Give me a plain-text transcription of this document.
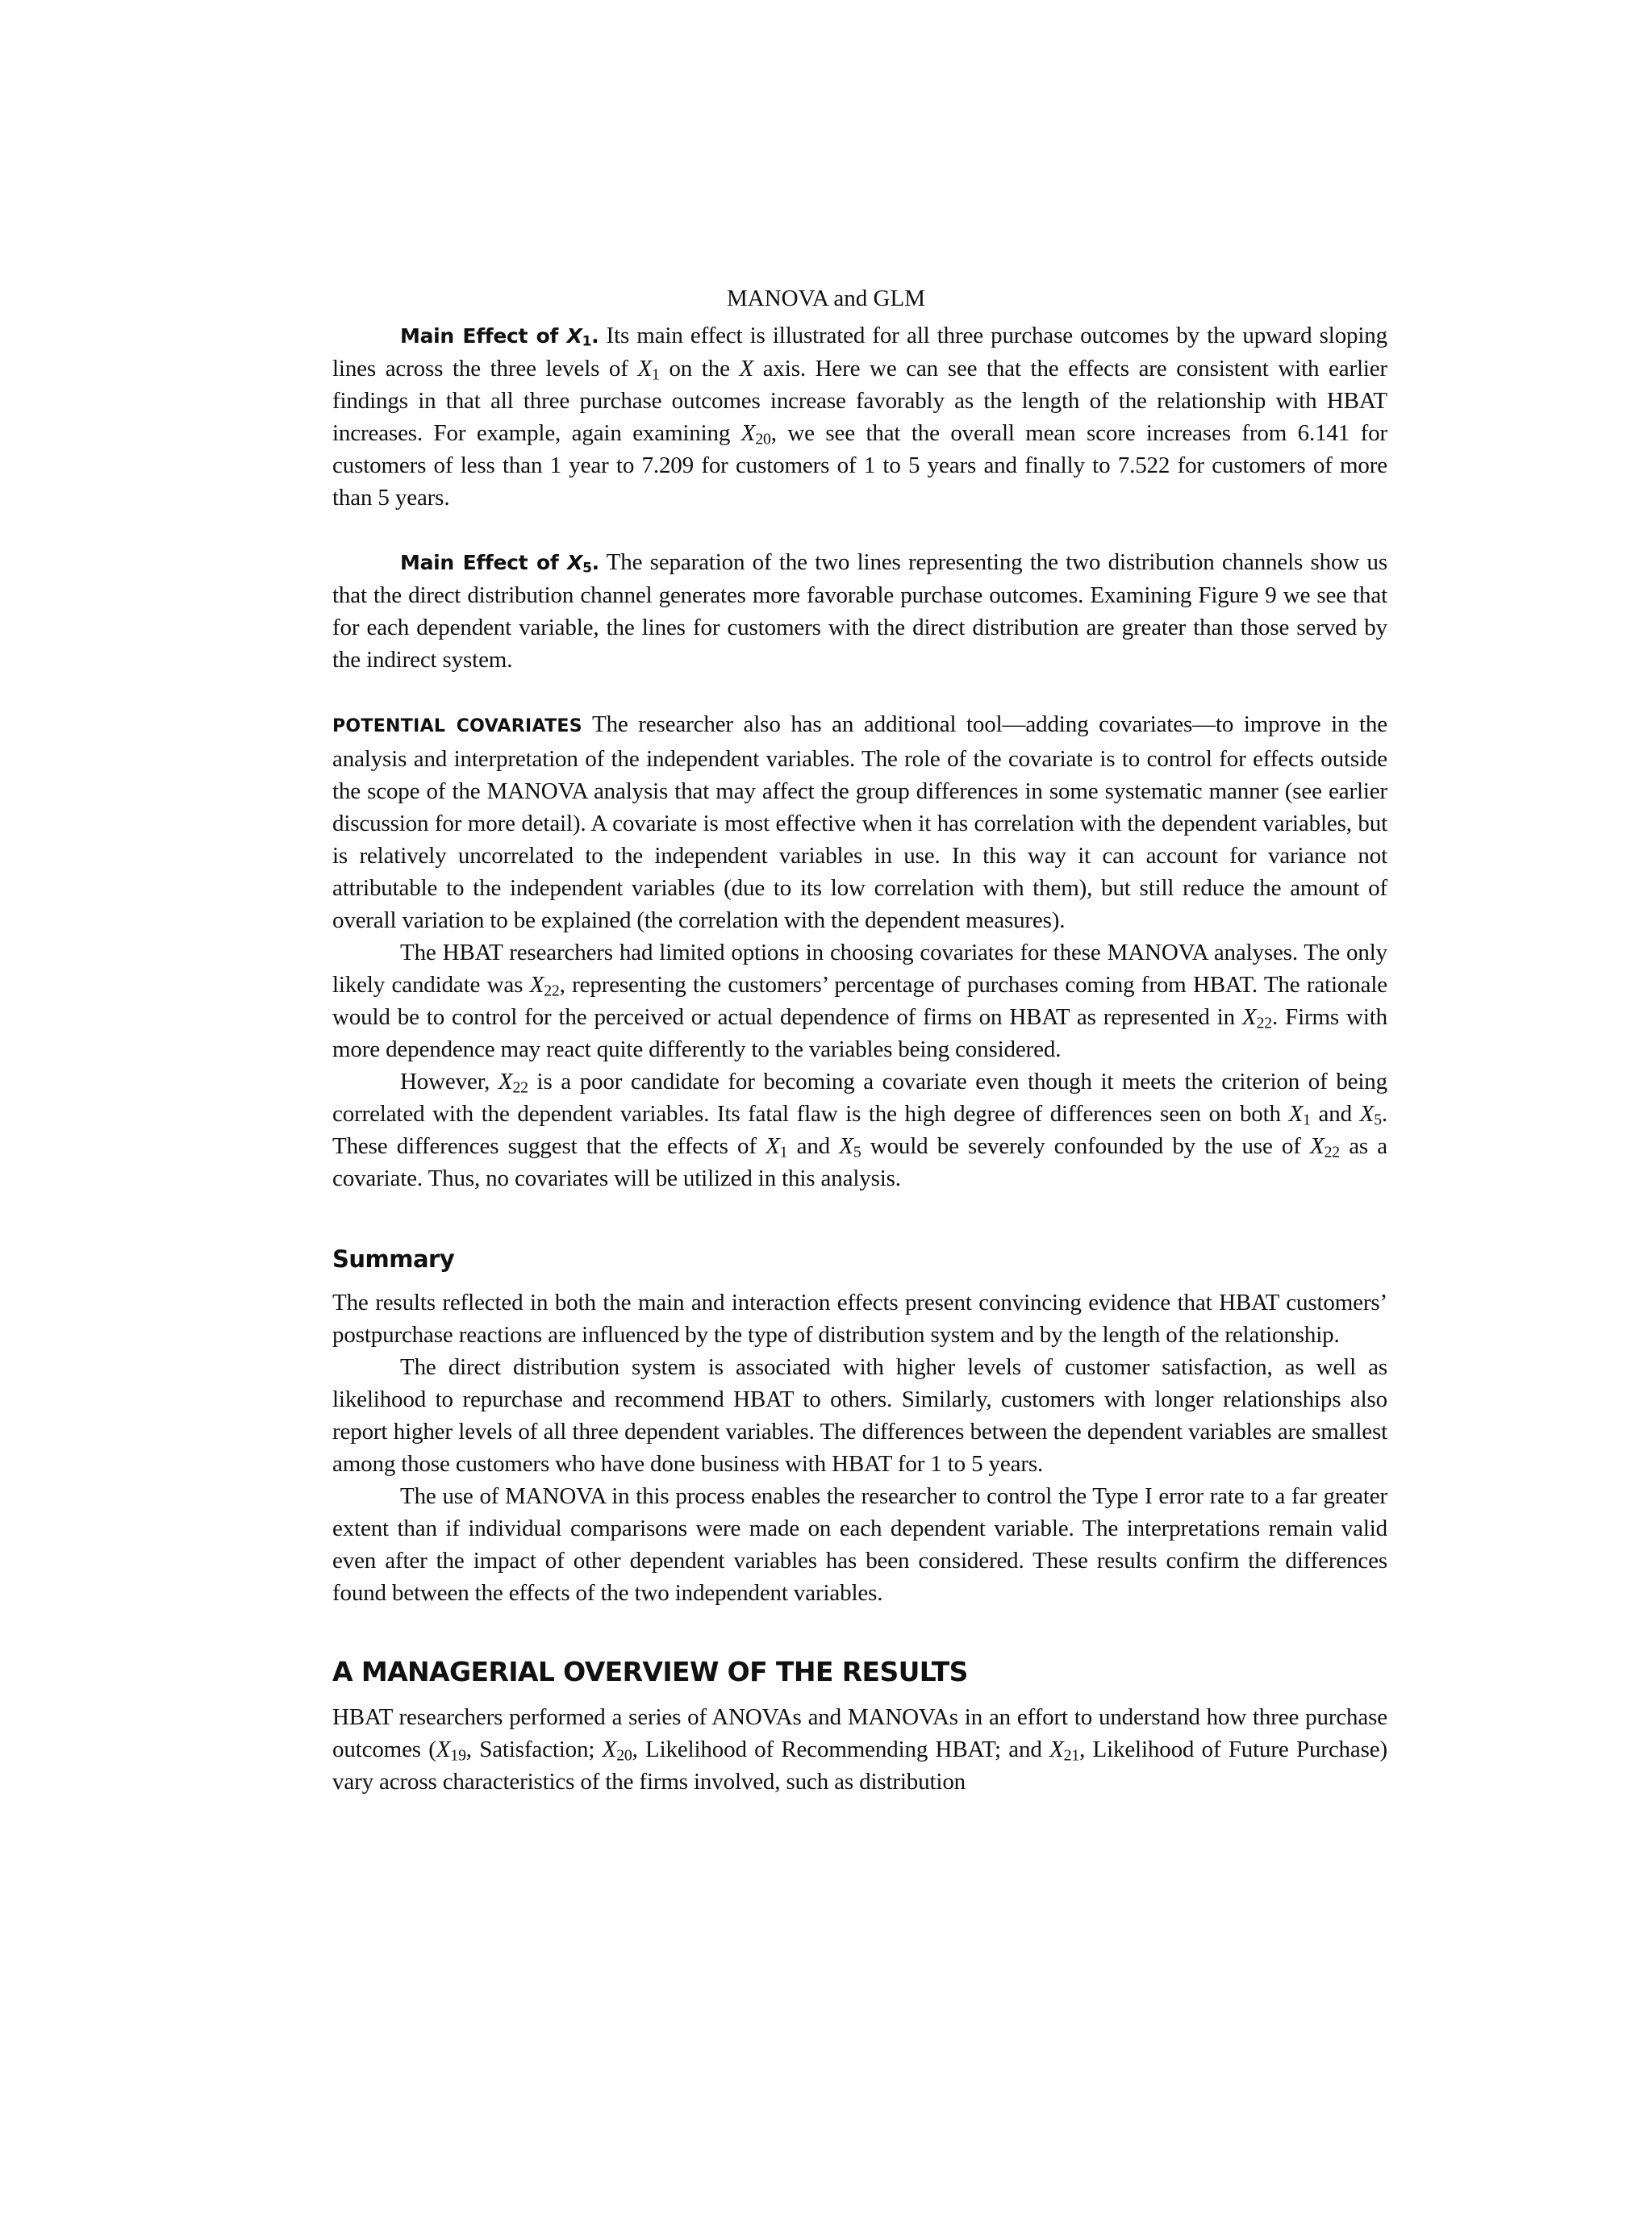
MANOVA and GLM

Main Effect of $X_1$. Its main effect is illustrated for all three purchase outcomes by the upward sloping lines across the three levels of $X_1$ on the X axis. Here we can see that the effects are consistent with earlier findings in that all three purchase outcomes increase favorably as the length of the relationship with HBAT increases. For example, again examining $X_{20}$, we see that the overall mean score increases from 6.141 for customers of less than 1 year to 7.209 for customers of 1 to 5 years and finally to 7.522 for customers of more than 5 years.

Main Effect of $X_5$. The separation of the two lines representing the two distribution channels show us that the direct distribution channel generates more favorable purchase outcomes. Examining Figure 9 we see that for each dependent variable, the lines for customers with the direct distribution are greater than those served by the indirect system.

POTENTIAL COVARIATES The researcher also has an additional tool—adding covariates—to improve in the analysis and interpretation of the independent variables. The role of the covariate is to control for effects outside the scope of the MANOVA analysis that may affect the group differences in some systematic manner (see earlier discussion for more detail). A covariate is most effective when it has correlation with the dependent variables, but is relatively uncorrelated to the independent variables in use. In this way it can account for variance not attributable to the independent variables (due to its low correlation with them), but still reduce the amount of overall variation to be explained (the correlation with the dependent measures).

The HBAT researchers had limited options in choosing covariates for these MANOVA analyses. The only likely candidate was $X_{22}$, representing the customers’ percentage of purchases coming from HBAT. The rationale would be to control for the perceived or actual dependence of firms on HBAT as represented in $X_{22}$. Firms with more dependence may react quite differently to the variables being considered.

However, $X_{22}$ is a poor candidate for becoming a covariate even though it meets the criterion of being correlated with the dependent variables. Its fatal flaw is the high degree of differences seen on both $X_1$ and $X_5$. These differences suggest that the effects of $X_1$ and $X_5$ would be severely confounded by the use of $X_{22}$ as a covariate. Thus, no covariates will be utilized in this analysis.

Summary

The results reflected in both the main and interaction effects present convincing evidence that HBAT customers’ postpurchase reactions are influenced by the type of distribution system and by the length of the relationship.

The direct distribution system is associated with higher levels of customer satisfaction, as well as likelihood to repurchase and recommend HBAT to others. Similarly, customers with longer relationships also report higher levels of all three dependent variables. The differences between the dependent variables are smallest among those customers who have done business with HBAT for 1 to 5 years.

The use of MANOVA in this process enables the researcher to control the Type I error rate to a far greater extent than if individual comparisons were made on each dependent variable. The interpretations remain valid even after the impact of other dependent variables has been considered. These results confirm the differences found between the effects of the two independent variables.

A MANAGERIAL OVERVIEW OF THE RESULTS

HBAT researchers performed a series of ANOVAs and MANOVAs in an effort to understand how three purchase outcomes ($X_{19}$, Satisfaction; $X_{20}$, Likelihood of Recommending HBAT; and $X_{21}$, Likelihood of Future Purchase) vary across characteristics of the firms involved, such as distribution
